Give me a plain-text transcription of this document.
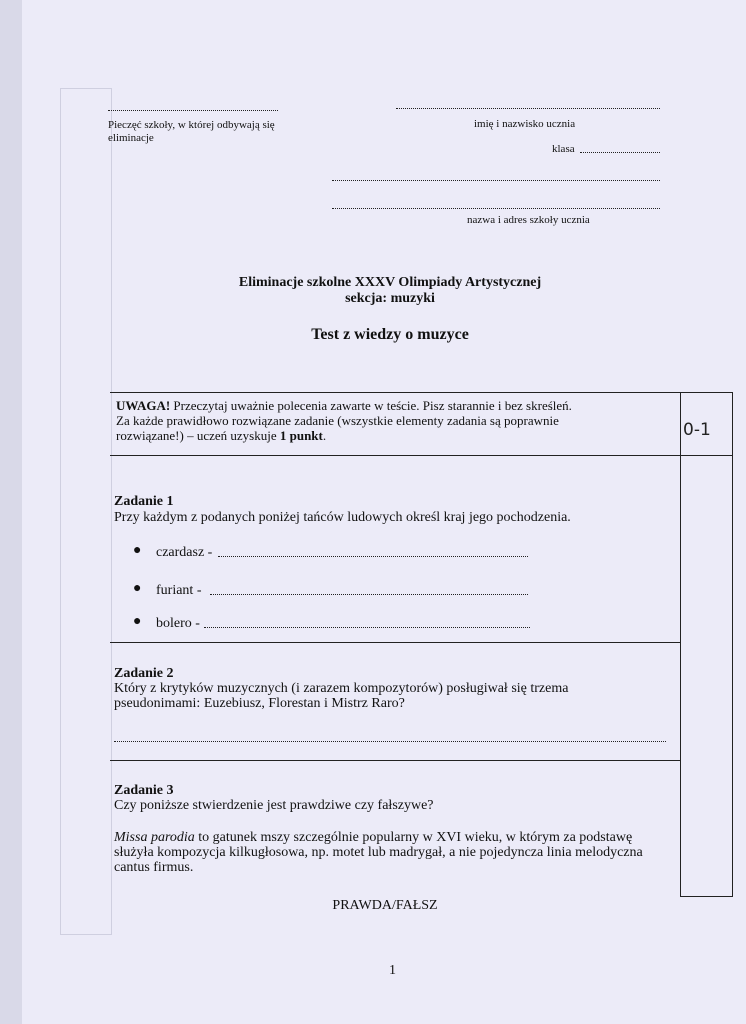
Pieczęć szkoły, w której odbywają się
eliminacje
imię i nazwisko ucznia
klasa
nazwa i adres szkoły ucznia
Eliminacje szkolne XXXV Olimpiady Artystycznej
sekcja: muzyki
Test z wiedzy o muzyce
UWAGA! Przeczytaj uważnie polecenia zawarte w teście. Pisz starannie i bez skreśleń.
Za każde prawidłowo rozwiązane zadanie (wszystkie elementy zadania są poprawnie
rozwiązane!) – uczeń uzyskuje 1 punkt.	0-1
Zadanie 1
Przy każdym z podanych poniżej tańców ludowych określ kraj jego pochodzenia.
● czardasz -
● furiant -
● bolero -
Zadanie 2
Który z krytyków muzycznych (i zarazem kompozytorów) posługiwał się trzema
pseudonimami: Euzebiusz, Florestan i Mistrz Raro?
Zadanie 3
Czy poniższe stwierdzenie jest prawdziwe czy fałszywe?
Missa parodia to gatunek mszy szczególnie popularny w XVI wieku, w którym za podstawę
służyła kompozycja kilkugłosowa, np. motet lub madrygał, a nie pojedyncza linia melodyczna
cantus firmus.
PRAWDA/FAŁSZ
1
